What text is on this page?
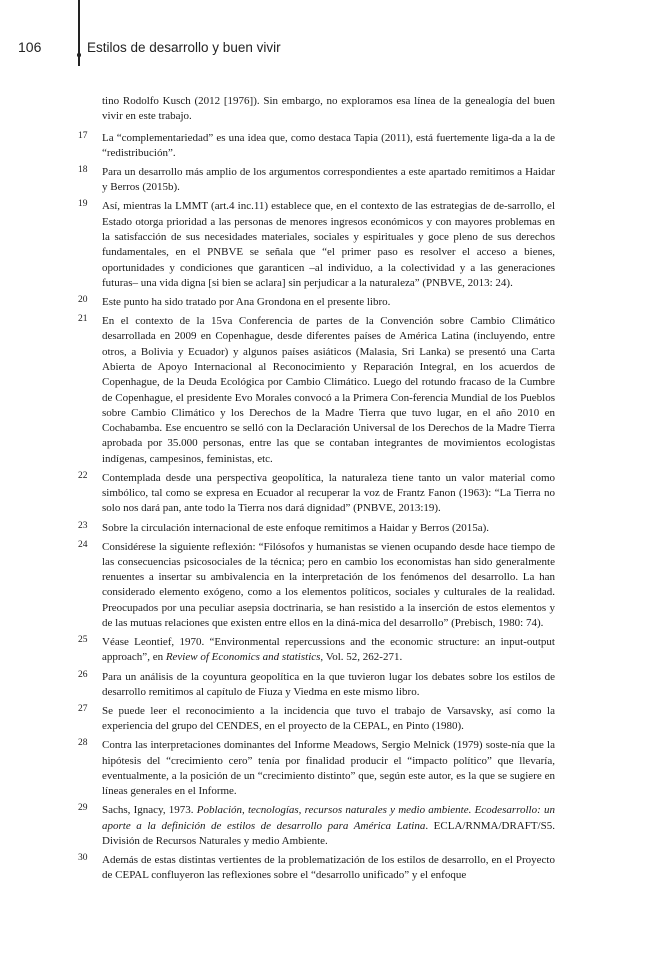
106	Estilos de desarrollo y buen vivir
tino Rodolfo Kusch (2012 [1976]). Sin embargo, no exploramos esa línea de la genealogía del buen vivir en este trabajo.
17 La “complementariedad” es una idea que, como destaca Tapia (2011), está fuertemente liga-da a la de “redistribución”.
18 Para un desarrollo más amplio de los argumentos correspondientes a este apartado remitimos a Haidar y Berros (2015b).
19 Así, mientras la LMMT (art.4 inc.11) establece que, en el contexto de las estrategias de de-sarrollo, el Estado otorga prioridad a las personas de menores ingresos económicos y con mayores problemas en la satisfacción de sus necesidades materiales, sociales y espirituales y goce pleno de sus derechos fundamentales, en el PNBVE se señala que “el primer paso es resolver el acceso a bienes, oportunidades y condiciones que garanticen –al individuo, a la colectividad y a las generaciones futuras– una vida digna [si bien se aclara] sin perjudicar a la naturaleza” (PNBVE, 2013: 24).
20 Este punto ha sido tratado por Ana Grondona en el presente libro.
21 En el contexto de la 15va Conferencia de partes de la Convención sobre Cambio Climático desarrollada en 2009 en Copenhague, desde diferentes países de América Latina (incluyendo, entre otros, a Bolivia y Ecuador) y algunos países asiáticos (Malasia, Sri Lanka) se presentó una Carta Abierta de Apoyo Internacional al Reconocimiento y Reparación Integral, en los acuerdos de Copenhague, de la Deuda Ecológica por Cambio Climático. Luego del rotundo fracaso de la Cumbre de Copenhague, el presidente Evo Morales convocó a la Primera Con-ferencia Mundial de los Pueblos sobre Cambio Climático y los Derechos de la Madre Tierra que tuvo lugar, en el año 2010 en Cochabamba. Ese encuentro se selló con la Declaración Universal de los Derechos de la Madre Tierra aprobada por 35.000 personas, entre las que se contaban integrantes de movimientos ecologistas indígenas, campesinos, feministas, etc.
22 Contemplada desde una perspectiva geopolítica, la naturaleza tiene tanto un valor material como simbólico, tal como se expresa en Ecuador al recuperar la voz de Frantz Fanon (1963): “La Tierra no solo nos dará pan, ante todo la Tierra nos dará dignidad” (PNBVE, 2013:19).
23 Sobre la circulación internacional de este enfoque remitimos a Haidar y Berros (2015a).
24 Considérese la siguiente reflexión: “Filósofos y humanistas se vienen ocupando desde hace tiempo de las consecuencias psicosociales de la técnica; pero en cambio los economistas han sido generalmente renuentes a insertar su ambivalencia en la interpretación de los fenómenos del desarrollo. La han considerado elemento exógeno, como a los elementos políticos, sociales y culturales de la realidad. Preocupados por una peculiar asepsia doctrinaria, se han resistido a la inserción de estos elementos y de las mutuas relaciones que existen entre ellos en la diná-mica del desarrollo” (Prebisch, 1980: 74).
25 Véase Leontief, 1970. “Environmental repercussions and the economic structure: an input-output approach”, en Review of Economics and statistics, Vol. 52, 262-271.
26 Para un análisis de la coyuntura geopolítica en la que tuvieron lugar los debates sobre los estilos de desarrollo remitimos al capítulo de Fiuza y Viedma en este mismo libro.
27 Se puede leer el reconocimiento a la incidencia que tuvo el trabajo de Varsavsky, así como la experiencia del grupo del CENDES, en el proyecto de la CEPAL, en Pinto (1980).
28 Contra las interpretaciones dominantes del Informe Meadows, Sergio Melnick (1979) soste-nía que la hipótesis del “crecimiento cero” tenía por finalidad producir el “impacto político” que llevaría, eventualmente, a la posición de un “crecimiento distinto” que, según este autor, es la que se sugiere en líneas generales en el Informe.
29 Sachs, Ignacy, 1973. Población, tecnologías, recursos naturales y medio ambiente. Ecodesarrollo: un aporte a la definición de estilos de desarrollo para América Latina. ECLA/RNMA/DRAFT/S5. División de Recursos Naturales y medio Ambiente.
30 Además de estas distintas vertientes de la problematización de los estilos de desarrollo, en el Proyecto de CEPAL confluyeron las reflexiones sobre el “desarrollo unificado” y el enfoque
